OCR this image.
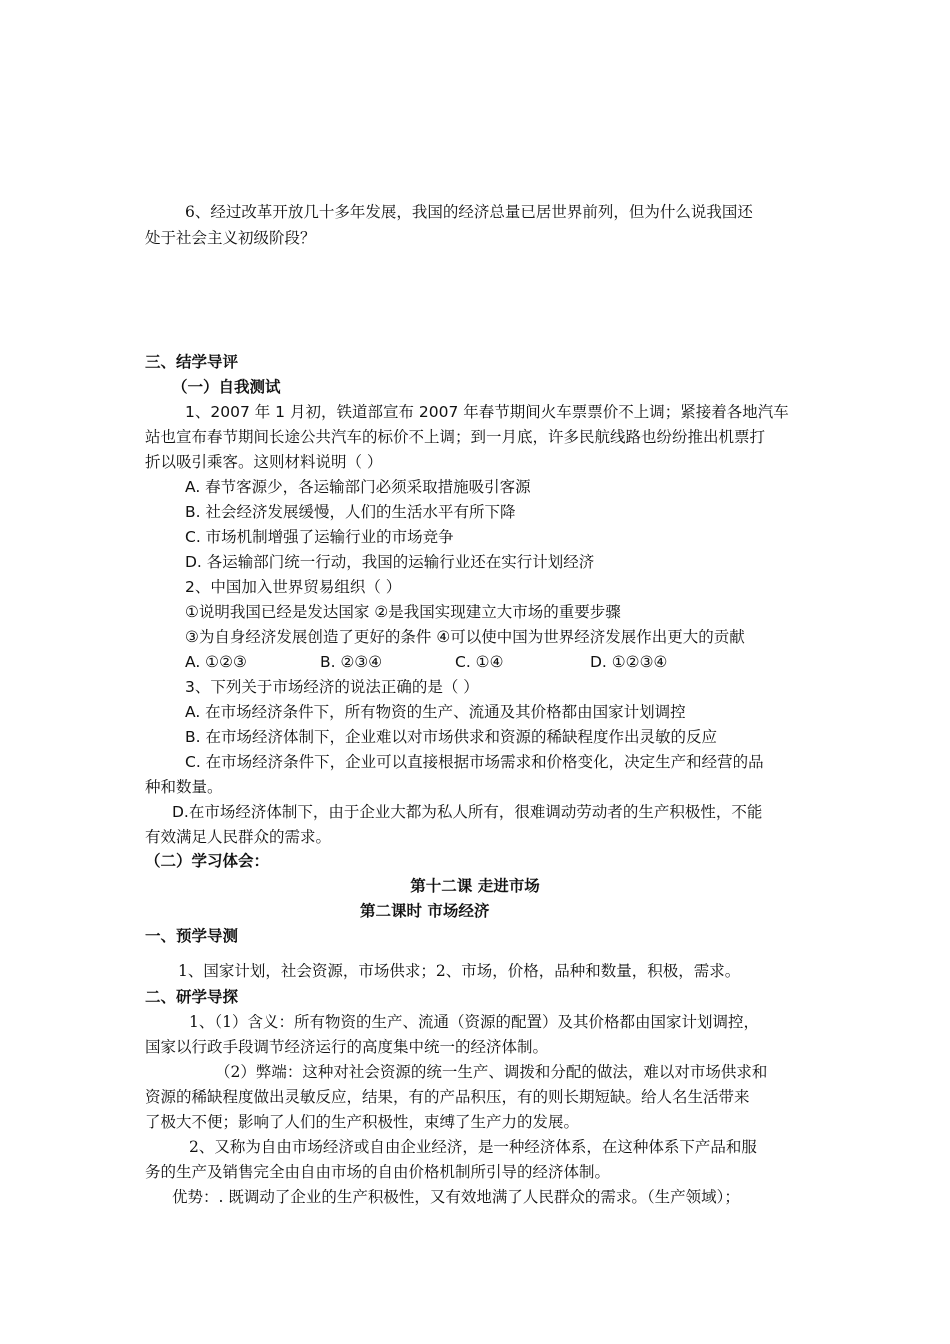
6、经过改革开放几十多年发展，我国的经济总量已居世界前列，但为什么说我国还
处于社会主义初级阶段？
三、结学导评
（一）自我测试
1、2007 年 1 月初，铁道部宣布 2007 年春节期间火车票票价不上调；紧接着各地汽车
站也宣布春节期间长途公共汽车的标价不上调；到一月底，许多民航线路也纷纷推出机票打
折以吸引乘客。这则材料说明（ ）
A. 春节客源少，各运输部门必须采取措施吸引客源
B. 社会经济发展缓慢，人们的生活水平有所下降
C. 市场机制增强了运输行业的市场竞争
D. 各运输部门统一行动，我国的运输行业还在实行计划经济
2、中国加入世界贸易组织（ ）
①说明我国已经是发达国家 ②是我国实现建立大市场的重要步骤
③为自身经济发展创造了更好的条件 ④可以使中国为世界经济发展作出更大的贡献
A. ①②③	B. ②③④	C. ①④	D. ①②③④
3、下列关于市场经济的说法正确的是（ ）
A. 在市场经济条件下，所有物资的生产、流通及其价格都由国家计划调控
B. 在市场经济体制下，企业难以对市场供求和资源的稀缺程度作出灵敏的反应
C. 在市场经济条件下，企业可以直接根据市场需求和价格变化，决定生产和经营的品
种和数量。
D.在市场经济体制下，由于企业大都为私人所有，很难调动劳动者的生产积极性，不能
有效满足人民群众的需求。
（二）学习体会：
第十二课 走进市场
第二课时 市场经济
一、预学导测
1、国家计划，社会资源，市场供求；2、市场，价格，品种和数量，积极，需求。
二、研学导探
1、（1）含义：所有物资的生产、流通（资源的配置）及其价格都由国家计划调控，
国家以行政手段调节经济运行的高度集中统一的经济体制。
（2）弊端：这种对社会资源的统一生产、调拨和分配的做法，难以对市场供求和
资源的稀缺程度做出灵敏反应，结果，有的产品积压，有的则长期短缺。给人名生活带来
了极大不便；影响了人们的生产积极性，束缚了生产力的发展。
2、又称为自由市场经济或自由企业经济，是一种经济体系，在这种体系下产品和服
务的生产及销售完全由自由市场的自由价格机制所引导的经济体制。
优势：. 既调动了企业的生产积极性，又有效地满了人民群众的需求。（生产领域）；
